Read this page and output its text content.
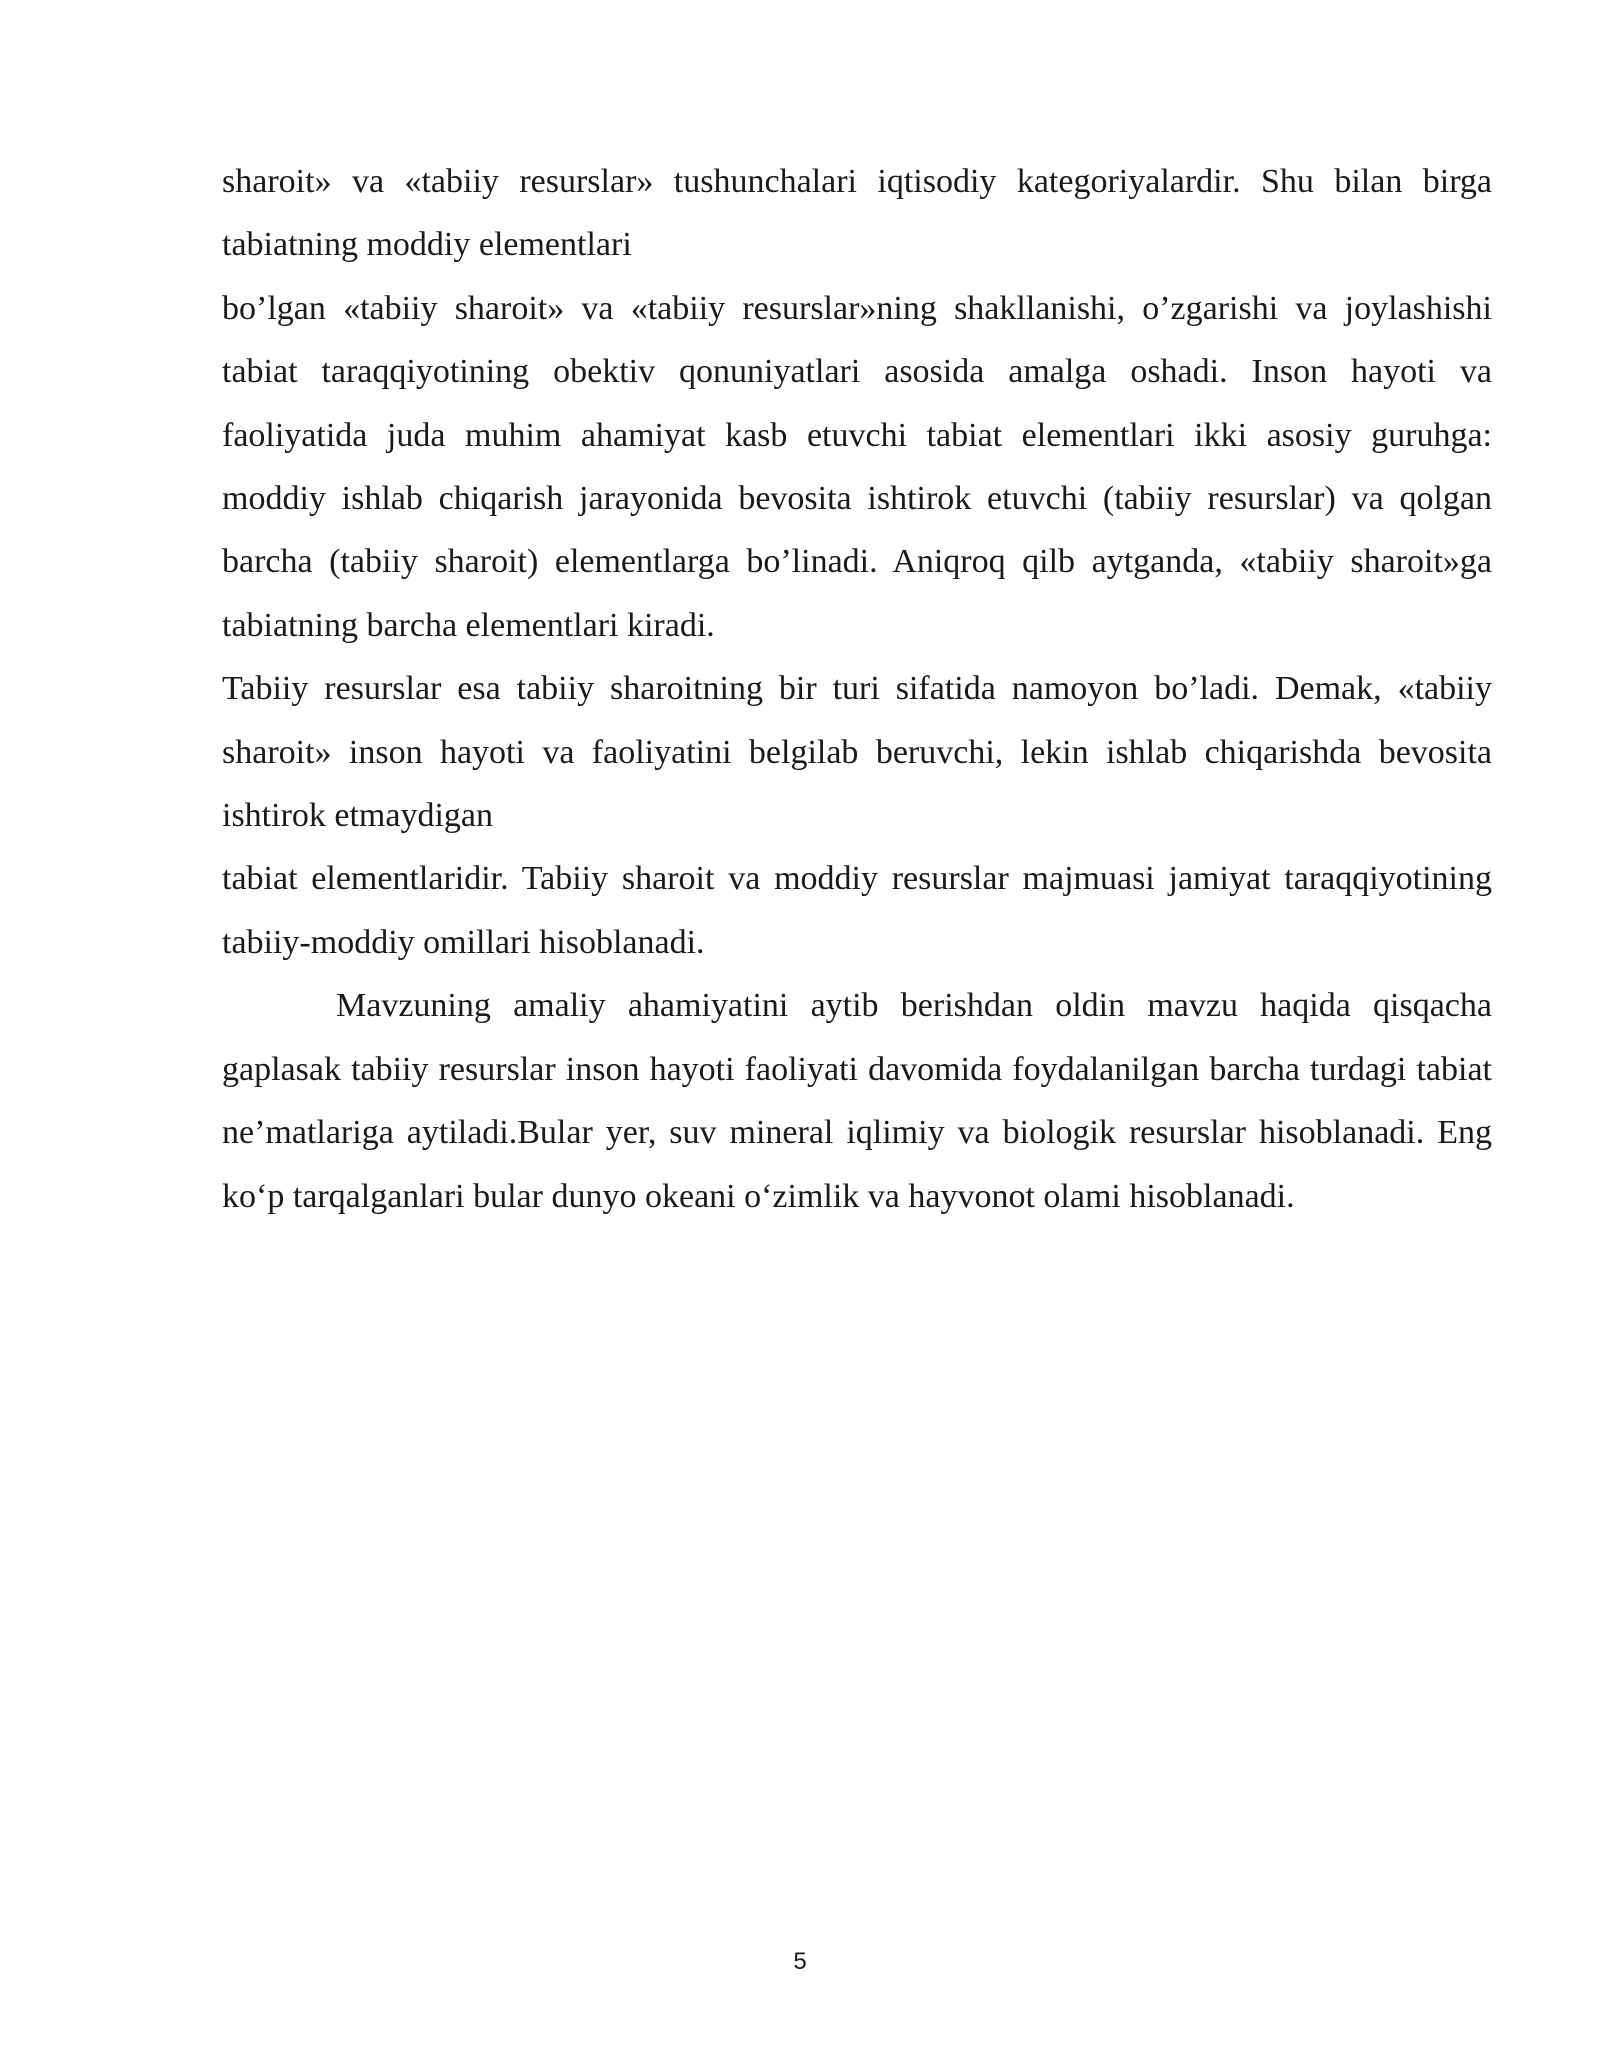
sharoit» va «tabiiy resurslar» tushunchalari iqtisodiy kategoriyalardir. Shu bilan birga tabiatning moddiy elementlari

bo’lgan «tabiiy sharoit» va «tabiiy resurslar»ning shakllanishi, o’zgarishi va joylashishi tabiat taraqqiyotining obektiv qonuniyatlari asosida amalga oshadi. Inson hayoti va faoliyatida juda muhim ahamiyat kasb etuvchi tabiat elementlari ikki asosiy guruhga: moddiy ishlab chiqarish jarayonida bevosita ishtirok etuvchi (tabiiy resurslar) va qolgan barcha (tabiiy sharoit) elementlarga bo’linadi. Aniqroq qilb aytganda, «tabiiy sharoit»ga tabiatning barcha elementlari kiradi.

Tabiiy resurslar esa tabiiy sharoitning bir turi sifatida namoyon bo’ladi. Demak, «tabiiy sharoit» inson hayoti va faoliyatini belgilab beruvchi, lekin ishlab chiqarishda bevosita ishtirok etmaydigan

tabiat elementlaridir. Tabiiy sharoit va moddiy resurslar majmuasi jamiyat taraqqiyotining tabiiy-moddiy omillari hisoblanadi.

Mavzuning amaliy ahamiyatini aytib berishdan oldin mavzu haqida qisqacha gaplasak tabiiy resurslar inson hayoti faoliyati davomida foydalanilgan barcha turdagi tabiat ne’matlariga aytiladi.Bular yer, suv mineral iqlimiy va biologik resurslar hisoblanadi. Eng ko‘p tarqalganlari bular dunyo okeani o‘zimlik va hayvonot olami hisoblanadi.

5
